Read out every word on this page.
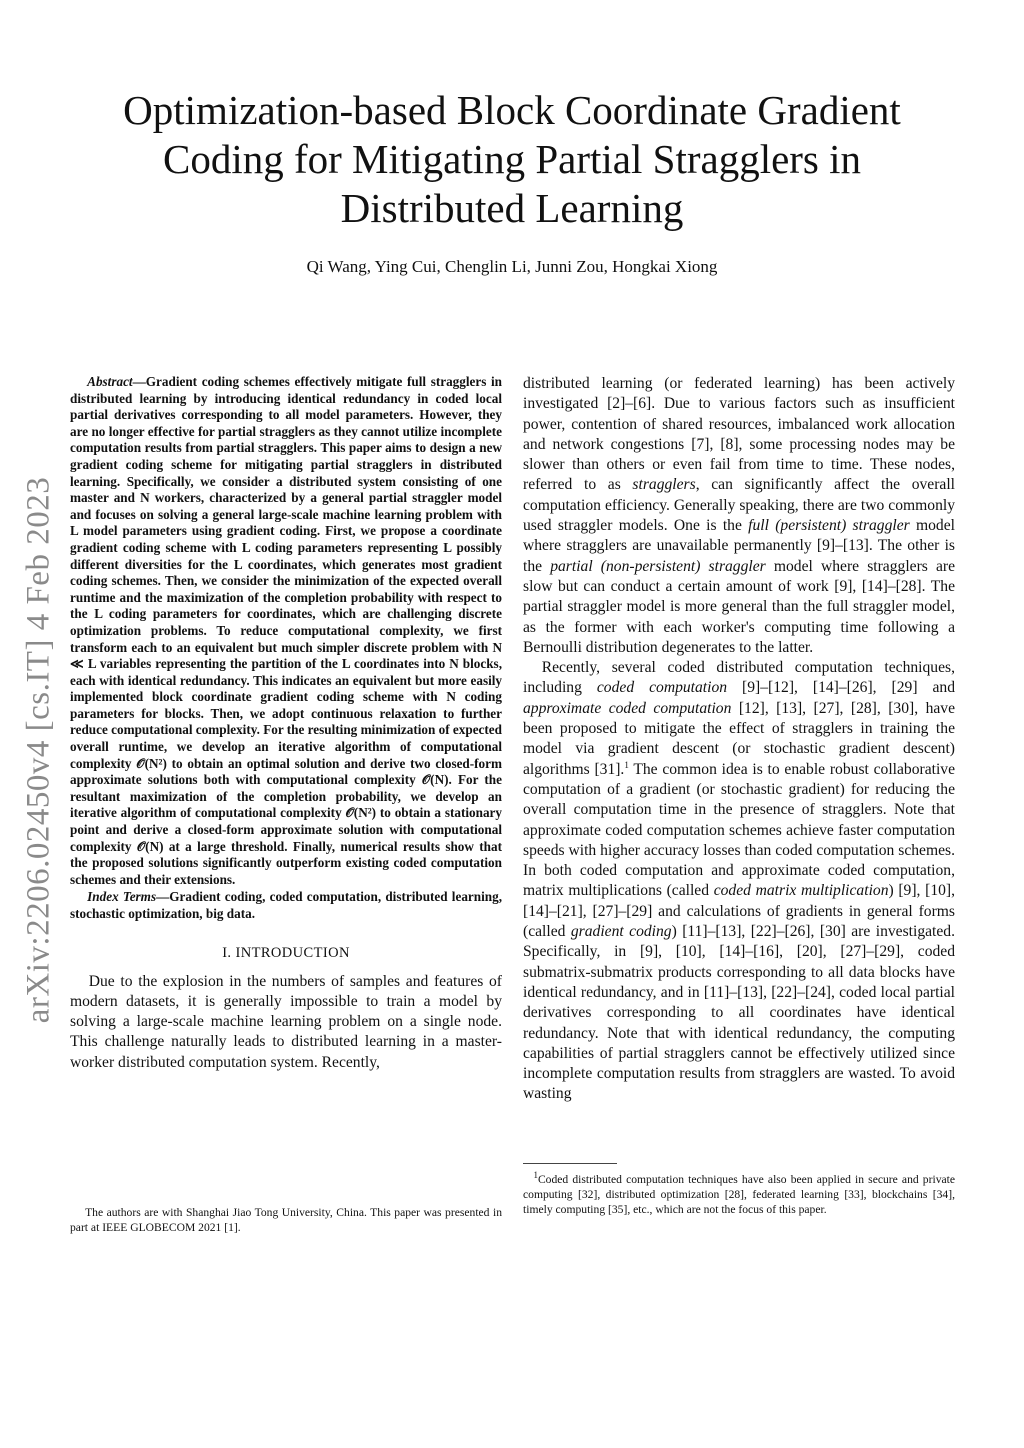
arXiv:2206.02450v4 [cs.IT] 4 Feb 2023
Optimization-based Block Coordinate Gradient
Coding for Mitigating Partial Stragglers in
Distributed Learning
Qi Wang, Ying Cui, Chenglin Li, Junni Zou, Hongkai Xiong

Abstract—Gradient coding schemes effectively mitigate full stragglers in distributed learning by introducing identical redundancy in coded local partial derivatives corresponding to all model parameters. However, they are no longer effective for partial stragglers as they cannot utilize incomplete computation results from partial stragglers. This paper aims to design a new gradient coding scheme for mitigating partial stragglers in distributed learning. Specifically, we consider a distributed system consisting of one master and N workers, characterized by a general partial straggler model and focuses on solving a general large-scale machine learning problem with L model parameters using gradient coding. First, we propose a coordinate gradient coding scheme with L coding parameters representing L possibly different diversities for the L coordinates, which generates most gradient coding schemes. Then, we consider the minimization of the expected overall runtime and the maximization of the completion probability with respect to the L coding parameters for coordinates, which are challenging discrete optimization problems. To reduce computational complexity, we first transform each to an equivalent but much simpler discrete problem with N ≪ L variables representing the partition of the L coordinates into N blocks, each with identical redundancy. This indicates an equivalent but more easily implemented block coordinate gradient coding scheme with N coding parameters for blocks. Then, we adopt continuous relaxation to further reduce computational complexity. For the resulting minimization of expected overall runtime, we develop an iterative algorithm of computational complexity 𝒪(N²) to obtain an optimal solution and derive two closed-form approximate solutions both with computational complexity 𝒪(N). For the resultant maximization of the completion probability, we develop an iterative algorithm of computational complexity 𝒪(N²) to obtain a stationary point and derive a closed-form approximate solution with computational complexity 𝒪(N) at a large threshold. Finally, numerical results show that the proposed solutions significantly outperform existing coded computation schemes and their extensions.

Index Terms—Gradient coding, coded computation, distributed learning, stochastic optimization, big data.

I. INTRODUCTION

Due to the explosion in the numbers of samples and features of modern datasets, it is generally impossible to train a model by solving a large-scale machine learning problem on a single node. This challenge naturally leads to distributed learning in a master-worker distributed computation system. Recently,

distributed learning (or federated learning) has been actively investigated [2]–[6]. Due to various factors such as insufficient power, contention of shared resources, imbalanced work allocation and network congestions [7], [8], some processing nodes may be slower than others or even fail from time to time. These nodes, referred to as stragglers, can significantly affect the overall computation efficiency. Generally speaking, there are two commonly used straggler models. One is the full (persistent) straggler model where stragglers are unavailable permanently [9]–[13]. The other is the partial (non-persistent) straggler model where stragglers are slow but can conduct a certain amount of work [9], [14]–[28]. The partial straggler model is more general than the full straggler model, as the former with each worker's computing time following a Bernoulli distribution degenerates to the latter.

Recently, several coded distributed computation techniques, including coded computation [9]–[12], [14]–[26], [29] and approximate coded computation [12], [13], [27], [28], [30], have been proposed to mitigate the effect of stragglers in training the model via gradient descent (or stochastic gradient descent) algorithms [31].$^1$ The common idea is to enable robust collaborative computation of a gradient (or stochastic gradient) for reducing the overall computation time in the presence of stragglers. Note that approximate coded computation schemes achieve faster computation speeds with higher accuracy losses than coded computation schemes. In both coded computation and approximate coded computation, matrix multiplications (called coded matrix multiplication) [9], [10], [14]–[21], [27]–[29] and calculations of gradients in general forms (called gradient coding) [11]–[13], [22]–[26], [30] are investigated. Specifically, in [9], [10], [14]–[16], [20], [27]–[29], coded submatrix-submatrix products corresponding to all data blocks have identical redundancy, and in [11]–[13], [22]–[24], coded local partial derivatives corresponding to all coordinates have identical redundancy. Note that with identical redundancy, the computing capabilities of partial stragglers cannot be effectively utilized since incomplete computation results from stragglers are wasted. To avoid wasting

The authors are with Shanghai Jiao Tong University, China. This paper was presented in part at IEEE GLOBECOM 2021 [1].

$^1$Coded distributed computation techniques have also been applied in secure and private computing [32], distributed optimization [28], federated learning [33], blockchains [34], timely computing [35], etc., which are not the focus of this paper.
